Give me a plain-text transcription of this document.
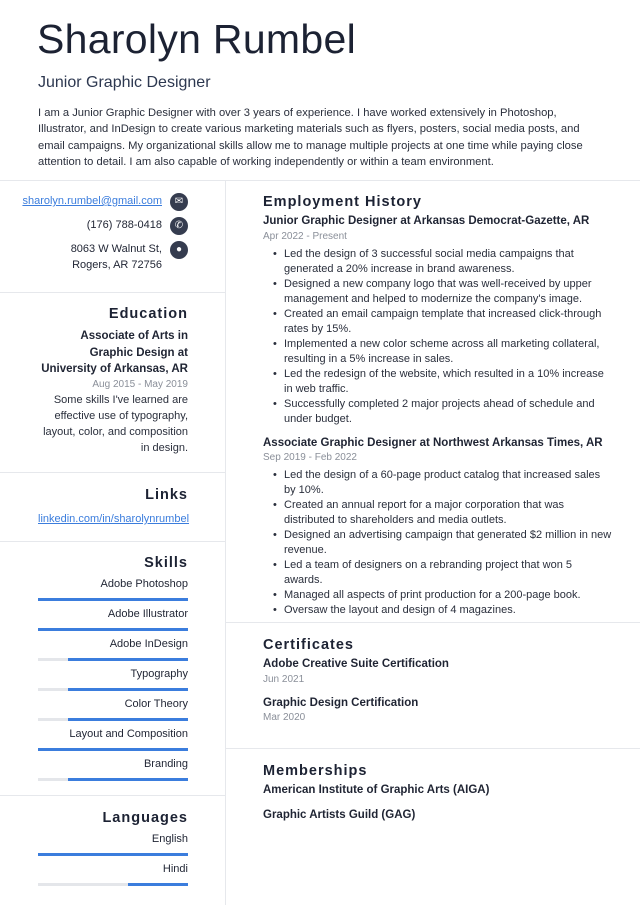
Sharolyn Rumbel
Junior Graphic Designer
I am a Junior Graphic Designer with over 3 years of experience. I have worked extensively in Photoshop, Illustrator, and InDesign to create various marketing materials such as flyers, posters, social media posts, and email campaigns. My organizational skills allow me to manage multiple projects at one time while paying close attention to detail. I am also capable of working independently or within a team environment.
sharolyn.rumbel@gmail.com	✉
(176) 788-0418	✆
8063 W Walnut St, Rogers, AR 72756
●
Education
Associate of Arts in Graphic Design at University of Arkansas, AR
Aug 2015 - May 2019
Some skills I've learned are effective use of typography, layout, color, and composition in design.
Links
linkedin.com/in/sharolynrumbel
Skills
Adobe Photoshop
Adobe Illustrator
Adobe InDesign
Typography
Color Theory
Layout and Composition
Branding
Languages
English
Hindi
Employment History
Junior Graphic Designer at Arkansas Democrat-Gazette, AR
Apr 2022 - Present
• Led the design of 3 successful social media campaigns that generated a 20% increase in brand awareness.
• Designed a new company logo that was well-received by upper management and helped to modernize the company's image.
• Created an email campaign template that increased click-through rates by 15%.
• Implemented a new color scheme across all marketing collateral, resulting in a 5% increase in sales.
• Led the redesign of the website, which resulted in a 10% increase in web traffic.
• Successfully completed 2 major projects ahead of schedule and under budget.
Associate Graphic Designer at Northwest Arkansas Times, AR
Sep 2019 - Feb 2022
• Led the design of a 60-page product catalog that increased sales by 10%.
• Created an annual report for a major corporation that was distributed to shareholders and media outlets.
• Designed an advertising campaign that generated $2 million in new revenue.
• Led a team of designers on a rebranding project that won 5 awards.
• Managed all aspects of print production for a 200-page book.
• Oversaw the layout and design of 4 magazines.
Certificates
Adobe Creative Suite Certification
Jun 2021
Graphic Design Certification
Mar 2020
Memberships
American Institute of Graphic Arts (AIGA)
Graphic Artists Guild (GAG)
